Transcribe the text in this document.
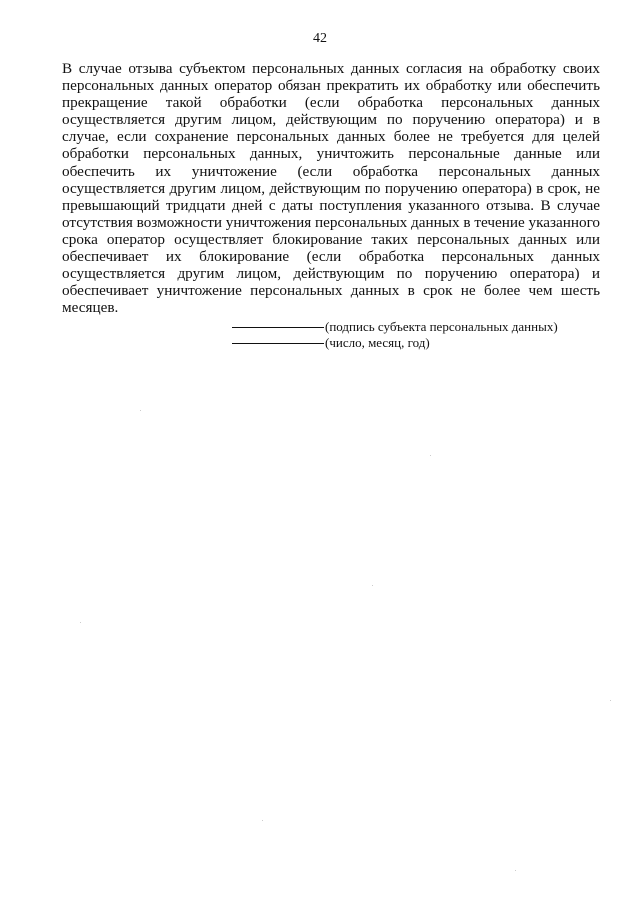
42

В случае отзыва субъектом персональных данных согласия на обработку своих персональных данных оператор обязан прекратить их обработку или обеспечить прекращение такой обработки (если обработка персональных данных осуществляется другим лицом, действующим по поручению оператора) и в случае, если сохранение персональных данных более не требуется для целей обработки персональных данных, уничтожить персональные данные или обеспечить их уничтожение (если обработка персональных данных осуществляется другим лицом, действующим по поручению оператора) в срок, не превышающий тридцати дней с даты поступления указанного отзыва. В случае отсутствия возможности уничтожения персональных данных в течение указанного срока оператор осуществляет блокирование таких персональных данных или обеспечивает их блокирование (если обработка персональных данных осуществляется другим лицом, действующим по поручению оператора) и обеспечивает уничтожение персональных данных в срок не более чем шесть месяцев.

(подпись субъекта персональных данных)
(число, месяц, год)
